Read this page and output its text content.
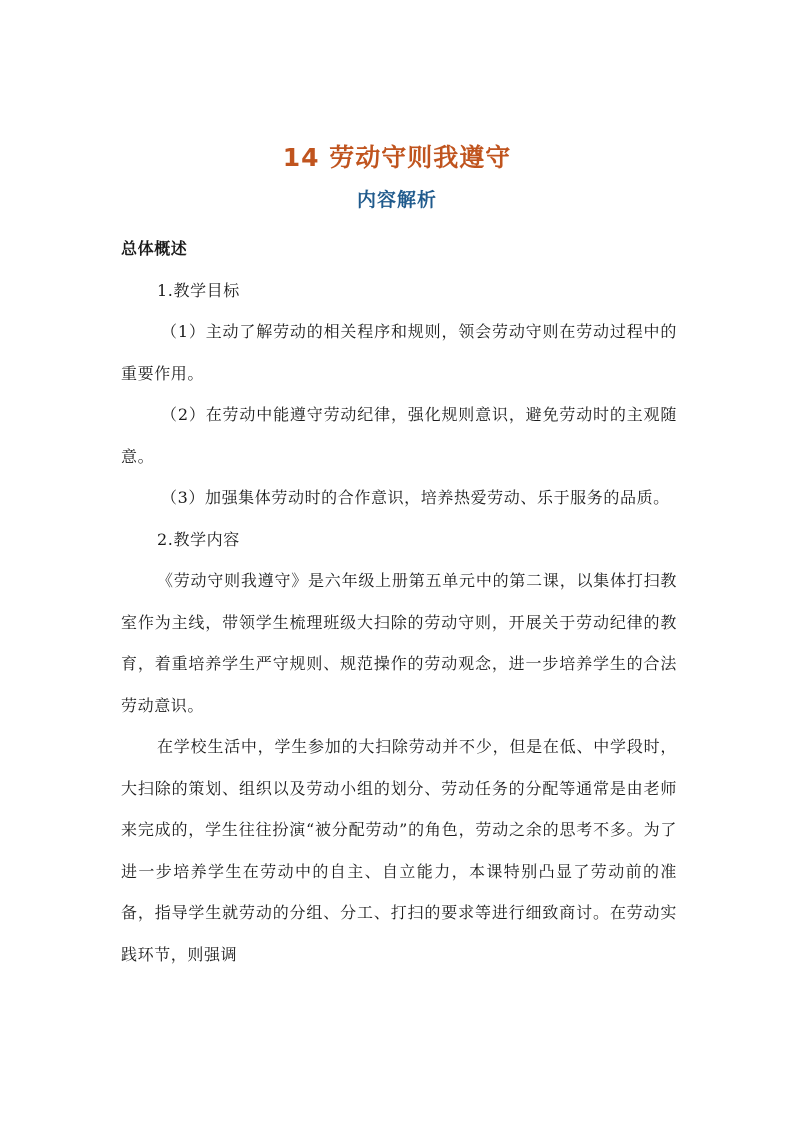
14 劳动守则我遵守
内容解析

总体概述

1.教学目标

（1）主动了解劳动的相关程序和规则，领会劳动守则在劳动过程中的重要作用。

（2）在劳动中能遵守劳动纪律，强化规则意识，避免劳动时的主观随意。

（3）加强集体劳动时的合作意识，培养热爱劳动、乐于服务的品质。

2.教学内容

《劳动守则我遵守》是六年级上册第五单元中的第二课，以集体打扫教室作为主线，带领学生梳理班级大扫除的劳动守则，开展关于劳动纪律的教育，着重培养学生严守规则、规范操作的劳动观念，进一步培养学生的合法劳动意识。

在学校生活中，学生参加的大扫除劳动并不少，但是在低、中学段时，大扫除的策划、组织以及劳动小组的划分、劳动任务的分配等通常是由老师来完成的，学生往往扮演“被分配劳动”的角色，劳动之余的思考不多。为了进一步培养学生在劳动中的自主、自立能力，本课特别凸显了劳动前的准备，指导学生就劳动的分组、分工、打扫的要求等进行细致商讨。在劳动实践环节，则强调
